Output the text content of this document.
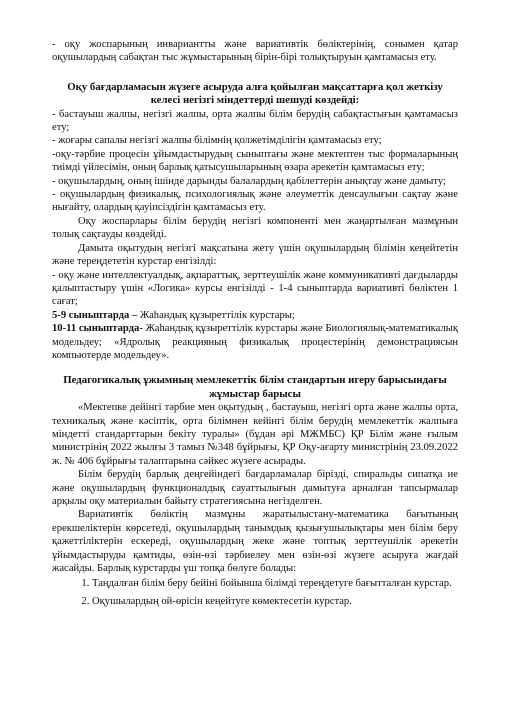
- оқу жоспарының инвариантты және вариативтік бөліктерінің, сонымен қатар оқушылардың сабақтан тыс жұмыстарының бірін-бірі толықтыруын қамтамасыз ету.

Оқу бағдарламасын жүзеге асыруда алға қойылған мақсаттарға қол жеткізу келесі негізгі міндеттерді шешуді көздейді:

- бастауыш жалпы, негізгі жалпы, орта жалпы білім берудің сабақтастығын қамтамасыз ету;

- жоғары сапалы негізгі жалпы білімнің қолжетімділігін қамтамасыз ету;

-оқу-тәрбие процесін ұйымдастырудың сыныптағы және мектептен тыс формаларының тиімді үйлесімін, оның барлық қатысушыларының өзара әрекетін қамтамасыз ету;

- оқушылардың, оның ішінде дарынды балалардың қабілеттерін анықтау және дамыту;

- оқушылардың физикалық, психологиялық және әлеуметтік денсаулығын сақтау және нығайту, олардың қауіпсіздігін қамтамасыз ету.

Оқу жоспарлары білім берудің негізгі компоненті мен жаңартылған мазмұнын толық сақтауды көздейді.

Дамыта оқытудың негізгі мақсатына жету үшін оқушылардың білімін кеңейтетін және тереңдететін курстар енгізілді:

- оқу және интеллектуалдық, ақпараттық, зерттеушілік және коммуникативті дағдыларды қалыптастыру үшін «Логика» курсы енгізілді - 1-4 сыныптарда вариативті бөліктен 1 сағат;

5-9 сыныптарда – Жаһандық құзыреттілік курстары;

10-11 сыныптарда- Жаһандық құзыреттілік курстары және Биологиялық-математикалық модельдеу; «Ядролық реакцияның физикалық процестерінің демонстрациясын компьютерде модельдеу».

Педагогикалық ұжымның мемлекеттік білім стандартын игеру барысындағы жұмыстар барысы

«Мектепке дейінгі тәрбие мен оқытудың , бастауыш, негізгі орта және жалпы орта, техникалық және кәсіптік, орта білімнен кейінгі білім берудің мемлекеттік жалпыға міндетті стандарттарын бекіту туралы» (бұдан әрі МЖМБС) ҚР Білім және ғылым министрінің 2022 жылғы 3 тамыз №348 бұйрығы, ҚР Оқу-ағарту министрінің 23.09.2022 ж. № 406 бұйрығы талаптарына сәйкес жүзеге асырады.

Білім берудің барлық деңгейіндегі бағдарламалар бірізді, спиральды сипатқа ие және оқушылардың функционалдық сауаттылығын дамытуға арналған тапсырмалар арқылы оқу материалын байыту стратегиясына негізделген.

Вариативтік бөліктің мазмұны жаратылыстану-математика бағытының ерекшеліктерін көрсетеді, оқушылардың танымдық қызығушылықтары мен білім беру қажеттіліктерін ескереді, оқушылардың жеке және топтық зерттеушілік әрекетін ұйымдастыруды қамтиды, өзін-өзі тәрбиелеу мен өзін-өзі жүзеге асыруға жағдай жасайды. Барлық курстарды үш топқа бөлуге болады:

1. Таңдалған білім беру бейіні бойынша білімді тереңдетуге бағытталған курстар.
2. Оқушылардың ой-өрісін кеңейтуге көмектесетін курстар.
